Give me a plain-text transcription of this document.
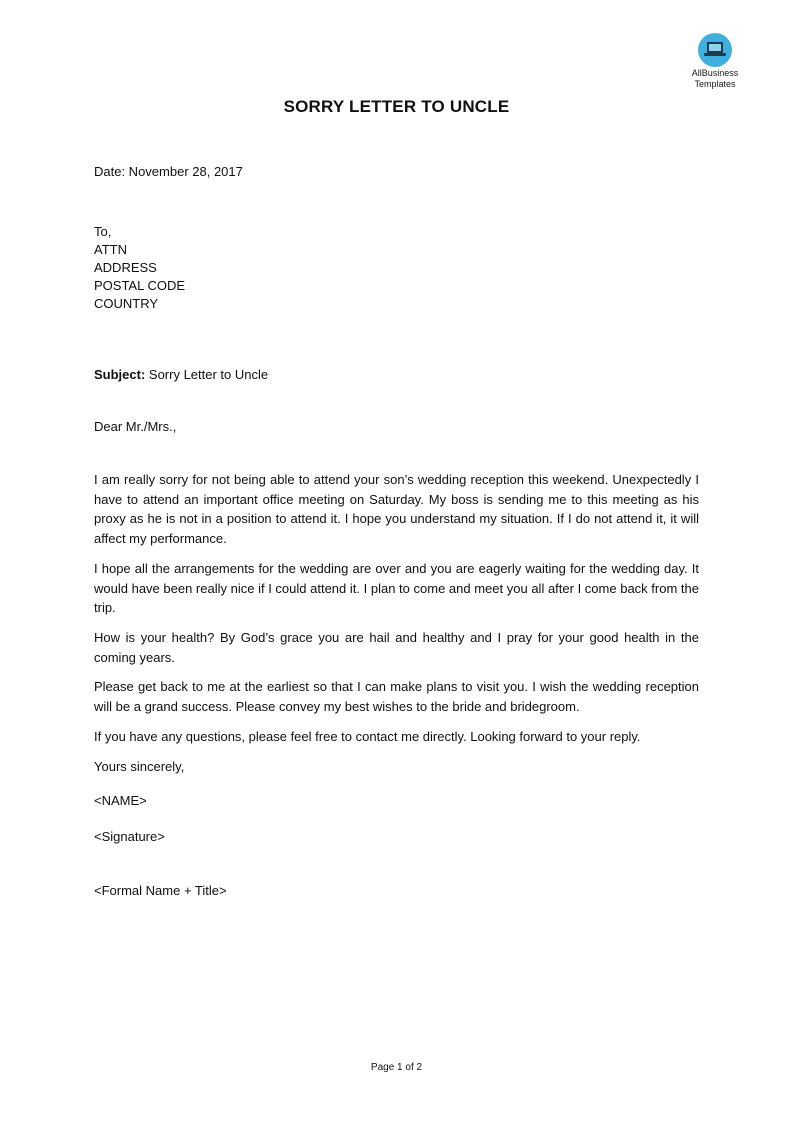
AllBusiness
Templates
SORRY LETTER TO UNCLE
Date: November 28, 2017
To,
ATTN
ADDRESS
POSTAL CODE
COUNTRY
Subject: Sorry Letter to Uncle
Dear Mr./Mrs.,
I am really sorry for not being able to attend your son’s wedding reception this weekend. Unexpectedly I have to attend an important office meeting on Saturday. My boss is sending me to this meeting as his proxy as he is not in a position to attend it. I hope you understand my situation. If I do not attend it, it will affect my performance.
I hope all the arrangements for the wedding are over and you are eagerly waiting for the wedding day. It would have been really nice if I could attend it. I plan to come and meet you all after I come back from the trip.
How is your health? By God’s grace you are hail and healthy and I pray for your good health in the coming years.
Please get back to me at the earliest so that I can make plans to visit you. I wish the wedding reception will be a grand success. Please convey my best wishes to the bride and bridegroom.
If you have any questions, please feel free to contact me directly. Looking forward to your reply.
Yours sincerely,
<NAME>
<Signature>
<Formal Name + Title>
Page 1 of 2
